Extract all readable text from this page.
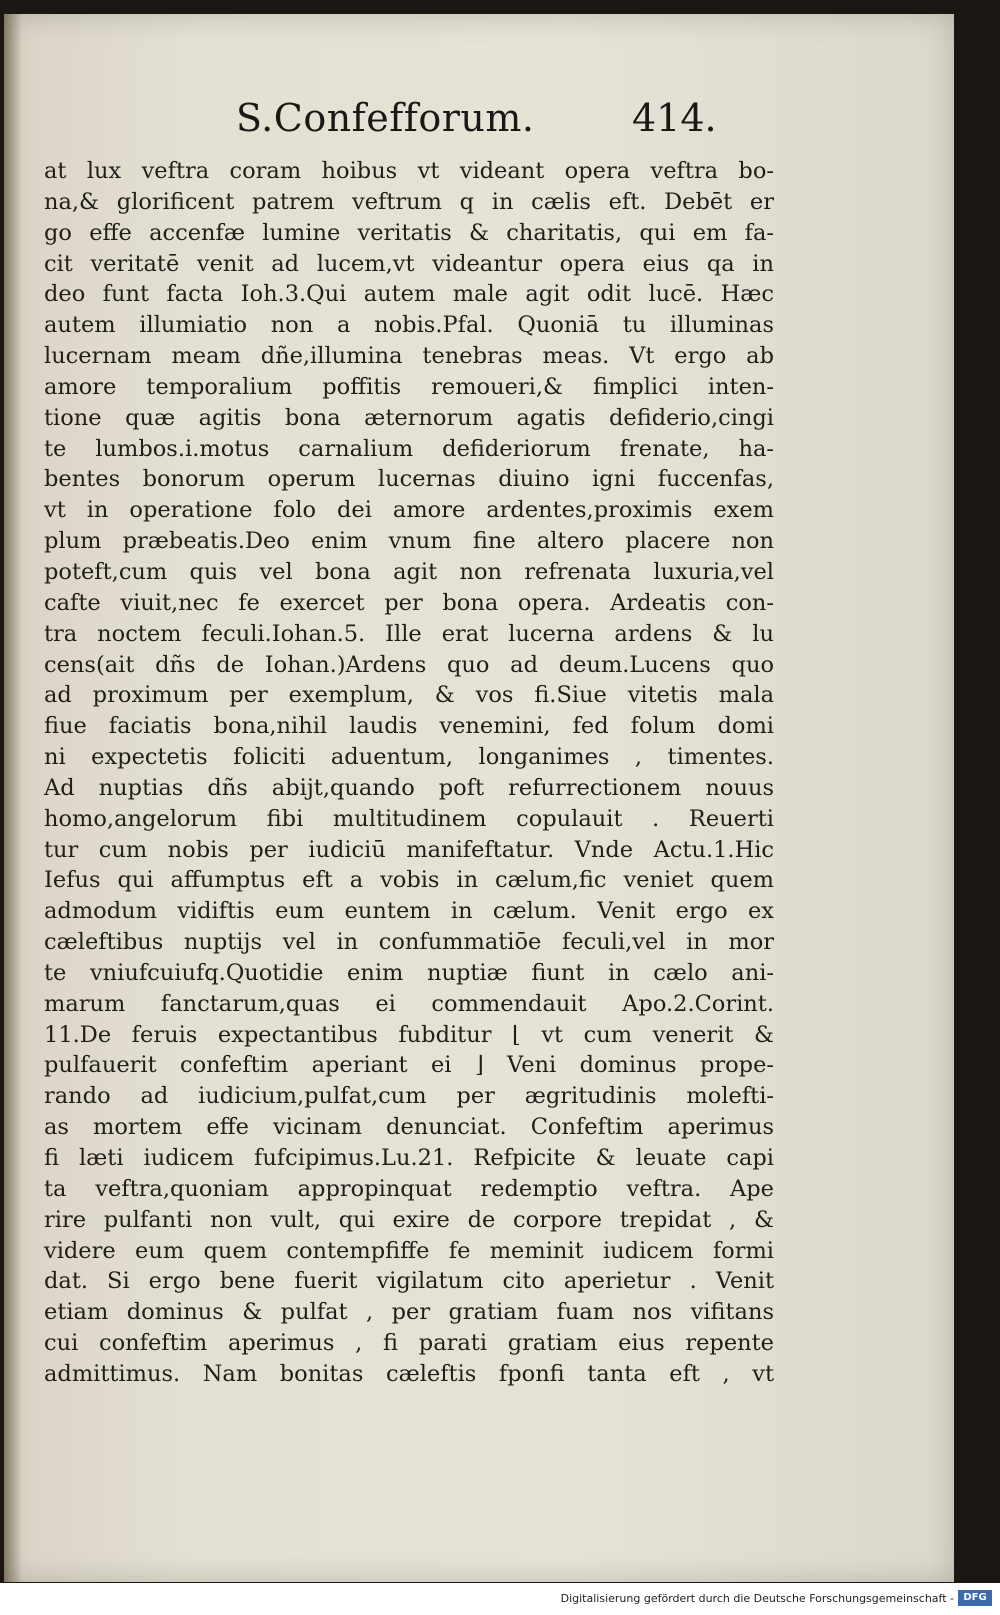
S.Confefforum.	414.
at lux veftra coram hoibus vt videant opera veftra bo-
na,& glorificent patrem veftrum q in cælis eft. Debēt er
go effe accenfæ lumine veritatis & charitatis, qui em fa-
cit veritatē venit ad lucem,vt videantur opera eius qa in
deo funt facta Ioh.3.Qui autem male agit odit lucē. Hæc
autem illumiatio non a nobis.Pfal. Quoniā tu illuminas
lucernam meam dñe,illumina tenebras meas. Vt ergo ab
amore temporalium poffitis remoueri,& fimplici inten-
tione quæ agitis bona æternorum agatis defiderio,cingi
te lumbos.i.motus carnalium defideriorum frenate, ha-
bentes bonorum operum lucernas diuino igni fuccenfas,
vt in operatione folo dei amore ardentes,proximis exem
plum præbeatis.Deo enim vnum fine altero placere non
poteft,cum quis vel bona agit non refrenata luxuria,vel
cafte viuit,nec fe exercet per bona opera. Ardeatis con-
tra noctem feculi.Iohan.5. Ille erat lucerna ardens & lu
cens(ait dñs de Iohan.)Ardens quo ad deum.Lucens quo
ad proximum per exemplum, & vos fi.Siue vitetis mala
fiue faciatis bona,nihil laudis venemini, fed folum domi
ni expectetis foliciti aduentum, longanimes , timentes.
Ad nuptias dñs abijt,quando poft refurrectionem nouus
homo,angelorum fibi multitudinem copulauit . Reuerti
tur cum nobis per iudiciū manifeftatur. Vnde Actu.1.Hic
Iefus qui affumptus eft a vobis in cælum,fic veniet quem
admodum vidiftis eum euntem in cælum. Venit ergo ex
cæleftibus nuptijs vel in confummatiōe feculi,vel in mor
te vniufcuiufq.Quotidie enim nuptiæ fiunt in cælo ani-
marum fanctarum,quas ei commendauit Apo.2.Corint.
11.De feruis expectantibus fubditur ⌊ vt cum venerit &
pulfauerit confeftim aperiant ei ⌋ Veni dominus prope-
rando ad iudicium,pulfat,cum per ægritudinis molefti-
as mortem effe vicinam denunciat. Confeftim aperimus
fi læti iudicem fufcipimus.Lu.21. Refpicite & leuate capi
ta veftra,quoniam appropinquat redemptio veftra. Ape
rire pulfanti non vult, qui exire de corpore trepidat , &
videre eum quem contempfiffe fe meminit iudicem formi
dat. Si ergo bene fuerit vigilatum cito aperietur . Venit
etiam dominus & pulfat , per gratiam fuam nos vifitans
cui confeftim aperimus , fi parati gratiam eius repente
admittimus. Nam bonitas cæleftis fponfi tanta eft , vt
Digitalisierung gefördert durch die Deutsche Forschungsgemeinschaft - DFG
